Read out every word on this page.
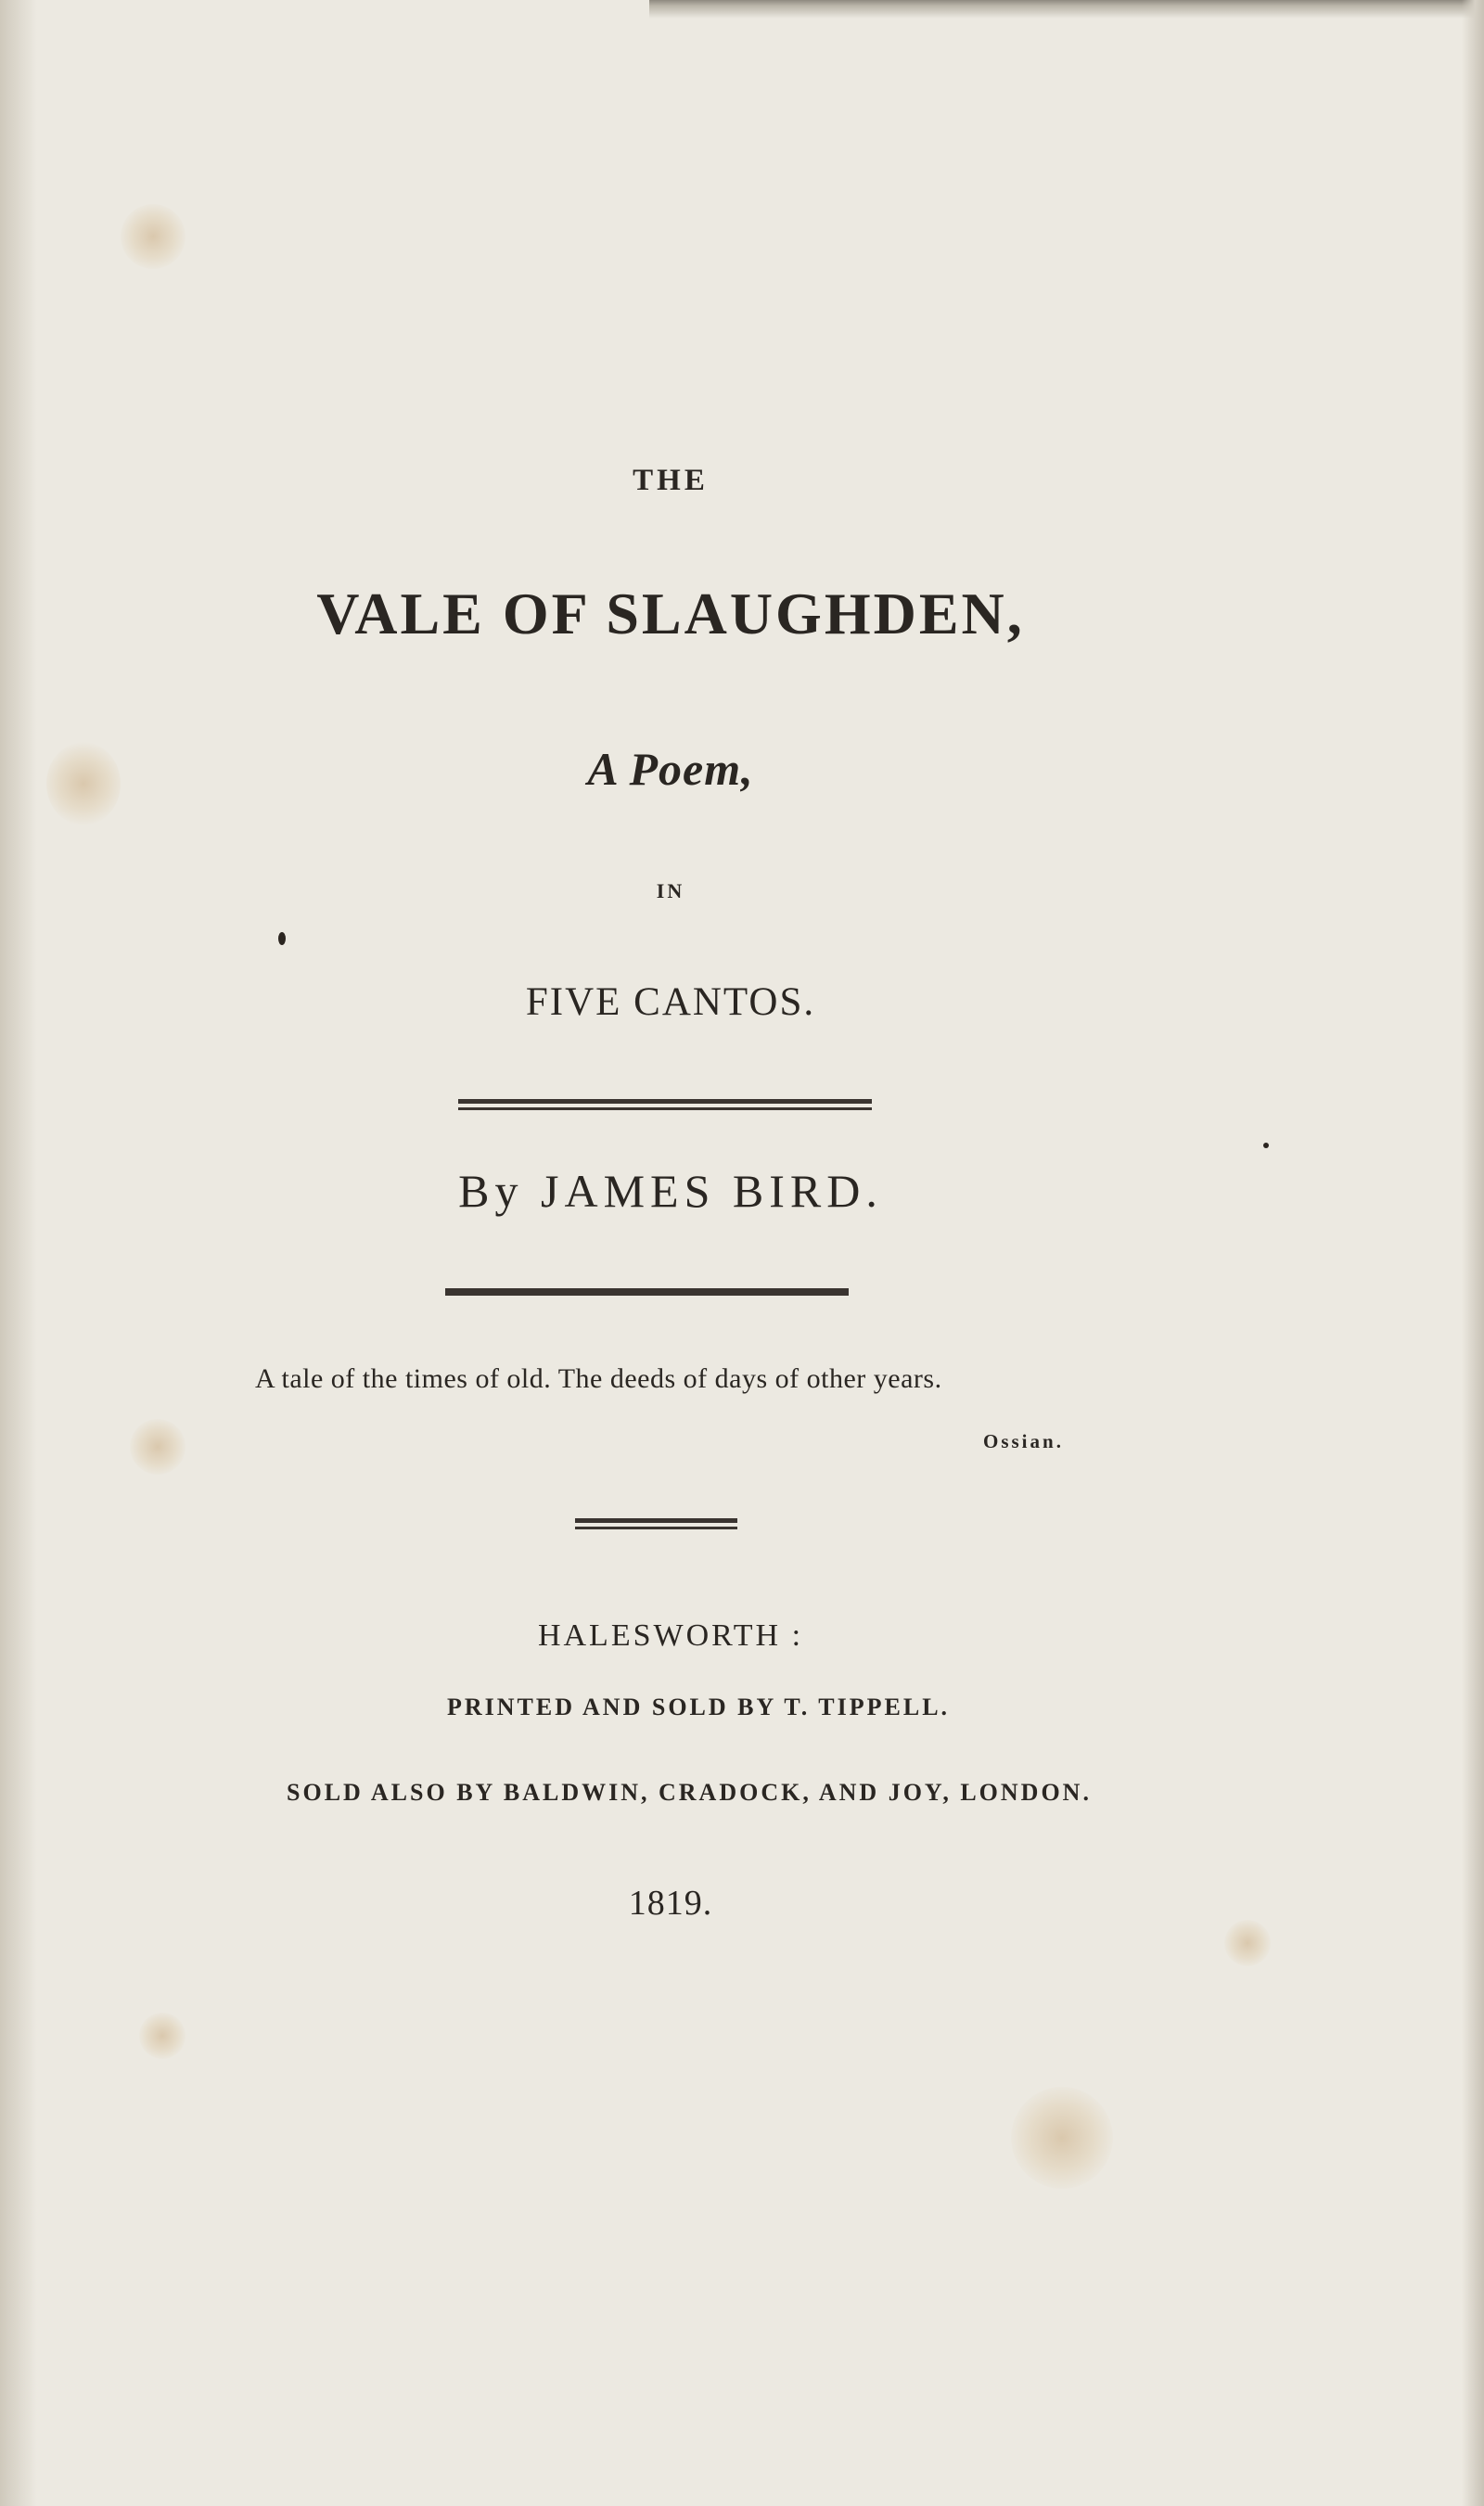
THE
VALE OF SLAUGHDEN,
A Poem,
IN
FIVE CANTOS.
By JAMES BIRD.
A tale of the times of old. The deeds of days of other years.
Ossian.
HALESWORTH :
PRINTED AND SOLD BY T. TIPPELL.
SOLD ALSO BY BALDWIN, CRADOCK, AND JOY, LONDON.
1819.
